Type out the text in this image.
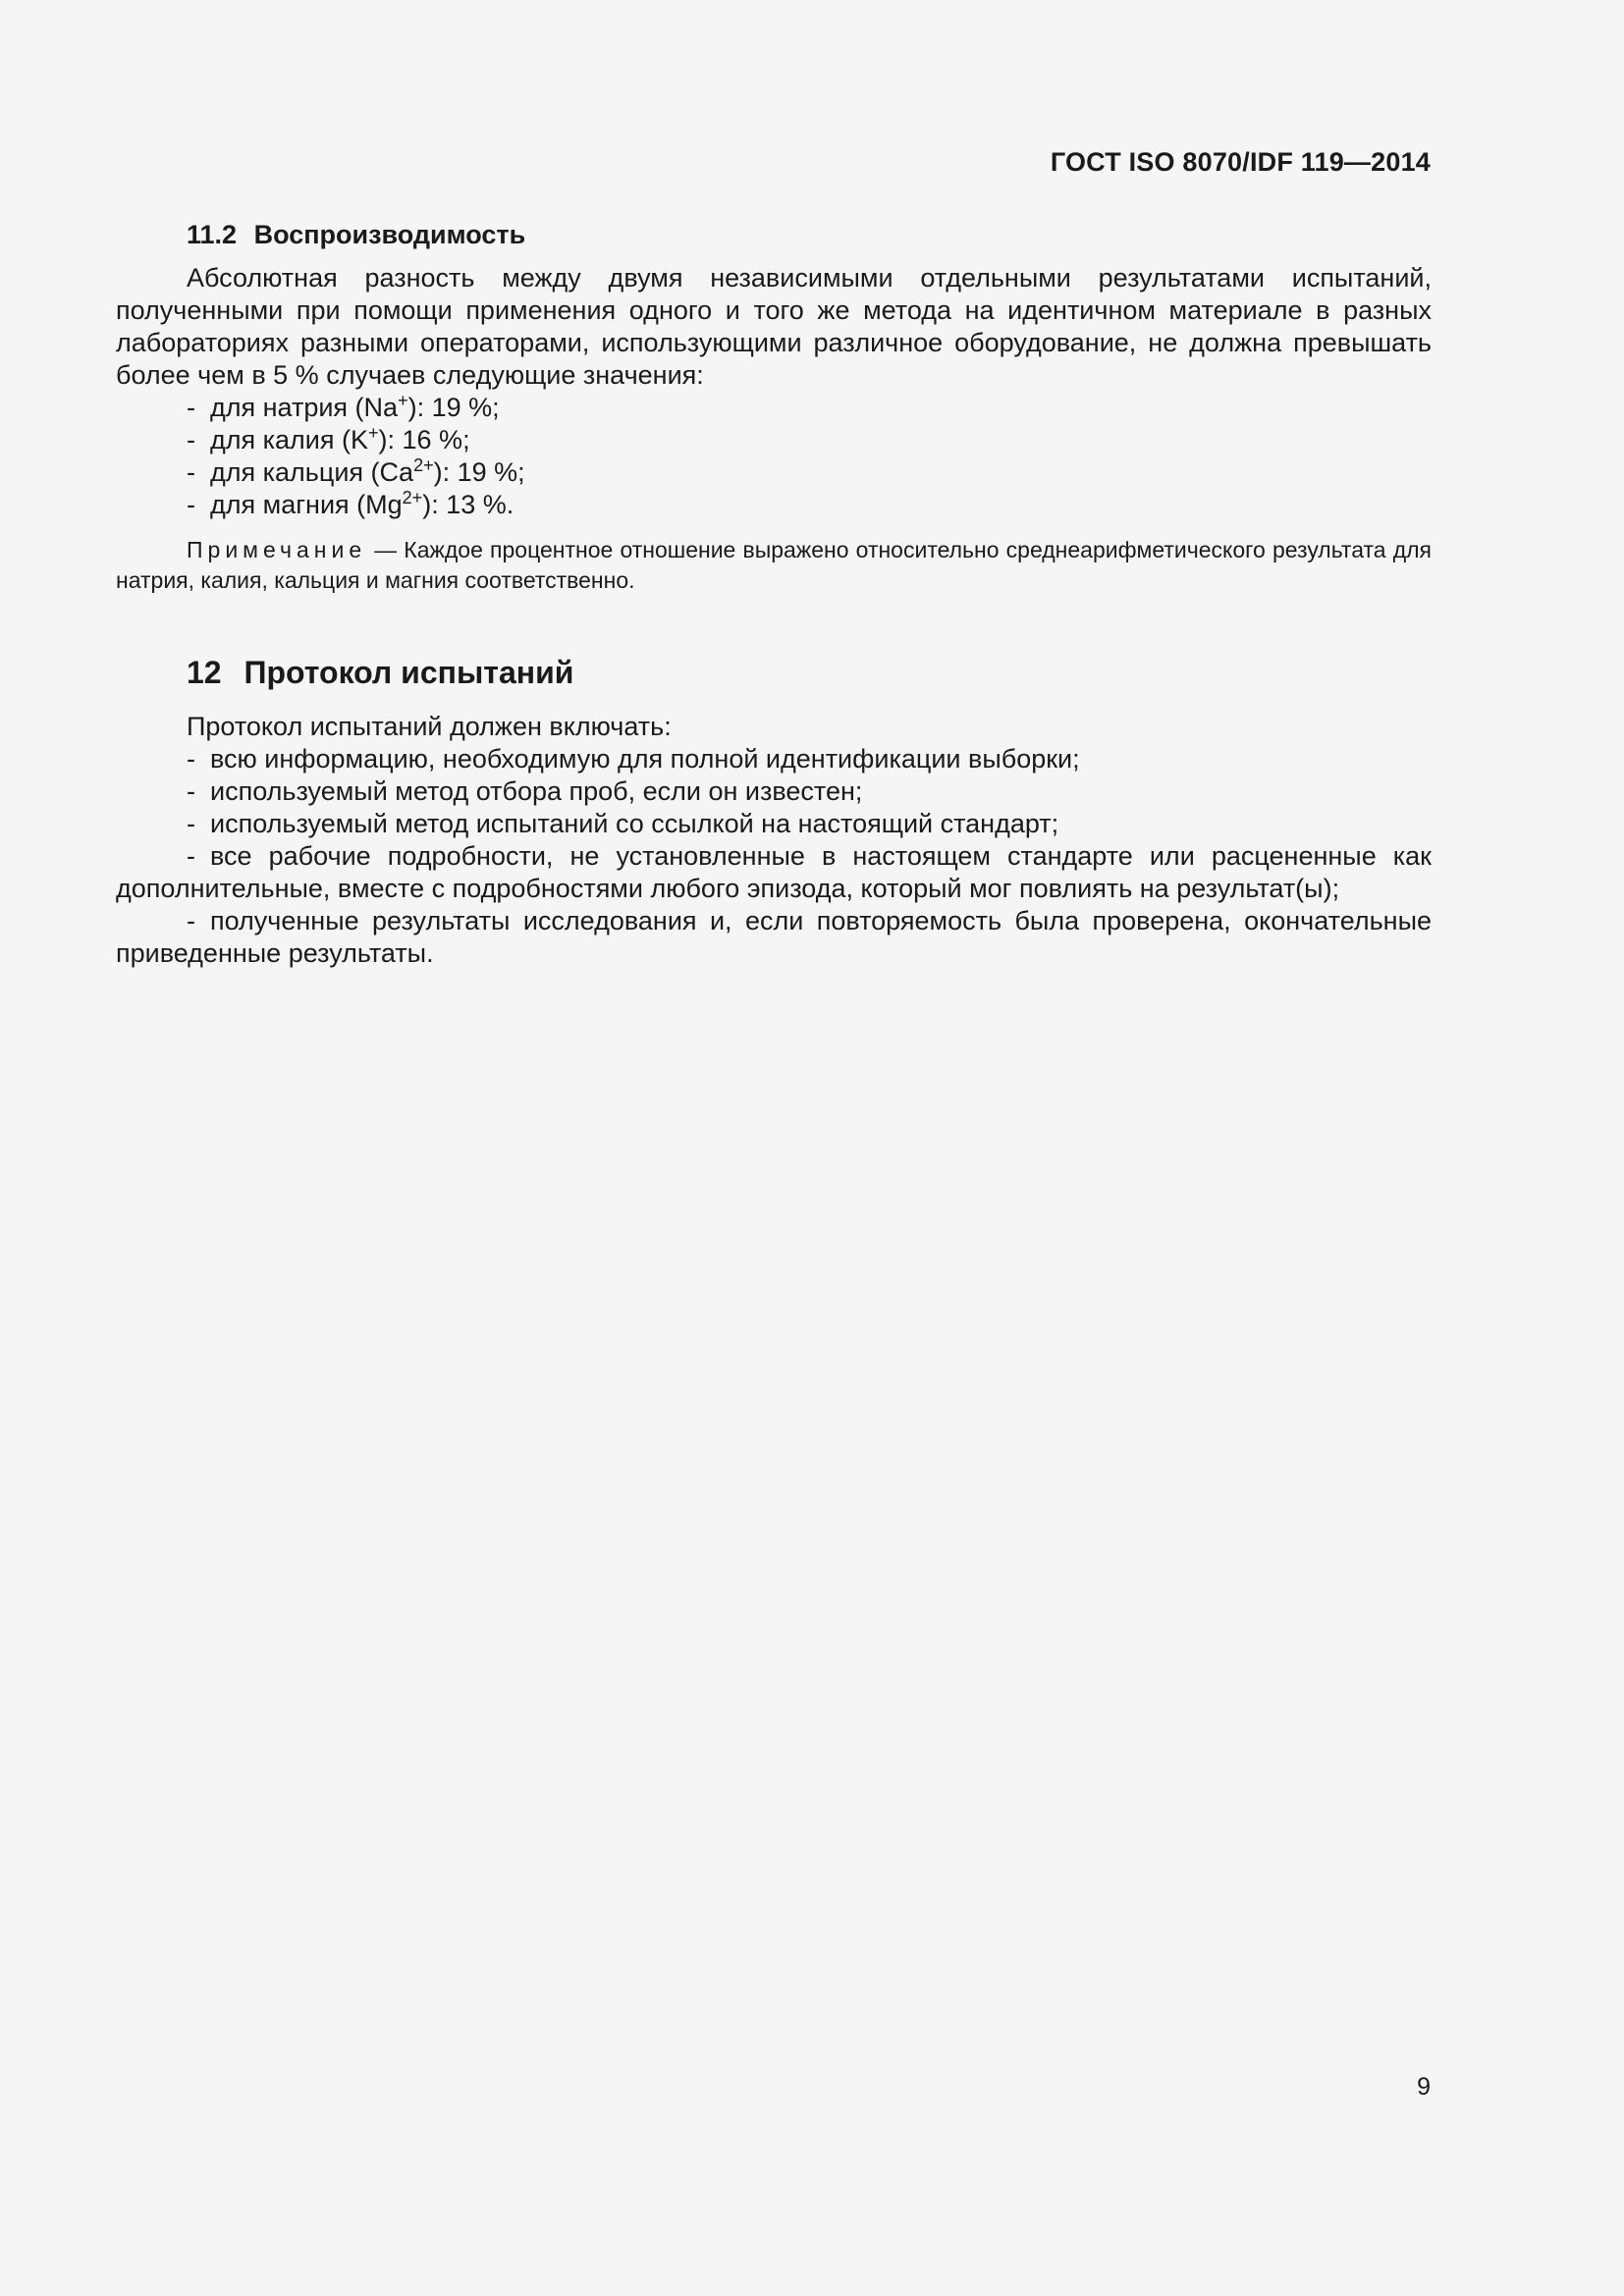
ГОСТ ISO 8070/IDF 119—2014
11.2 Воспроизводимость

Абсолютная разность между двумя независимыми отдельными результатами испытаний, полученными при помощи применения одного и того же метода на идентичном материале в разных лабораториях разными операторами, использующими различное оборудование, не должна превышать более чем в 5 % случаев следующие значения:

- для натрия (Na+): 19 %;
- для калия (K+): 16 %;
- для кальция $(Ca^{2+})$: 19 %;
- для магния $(Mg^{2+})$: 13 %.

Примечание — Каждое процентное отношение выражено относительно среднеарифметического результата для натрия, калия, кальция и магния соответственно.

12 Протокол испытаний

Протокол испытаний должен включать:

- всю информацию, необходимую для полной идентификации выборки;
- используемый метод отбора проб, если он известен;
- используемый метод испытаний со ссылкой на настоящий стандарт;
- все рабочие подробности, не установленные в настоящем стандарте или расцененные как дополнительные, вместе с подробностями любого эпизода, который мог повлиять на результат(ы);
- полученные результаты исследования и, если повторяемость была проверена, окончательные приведенные результаты.
9
